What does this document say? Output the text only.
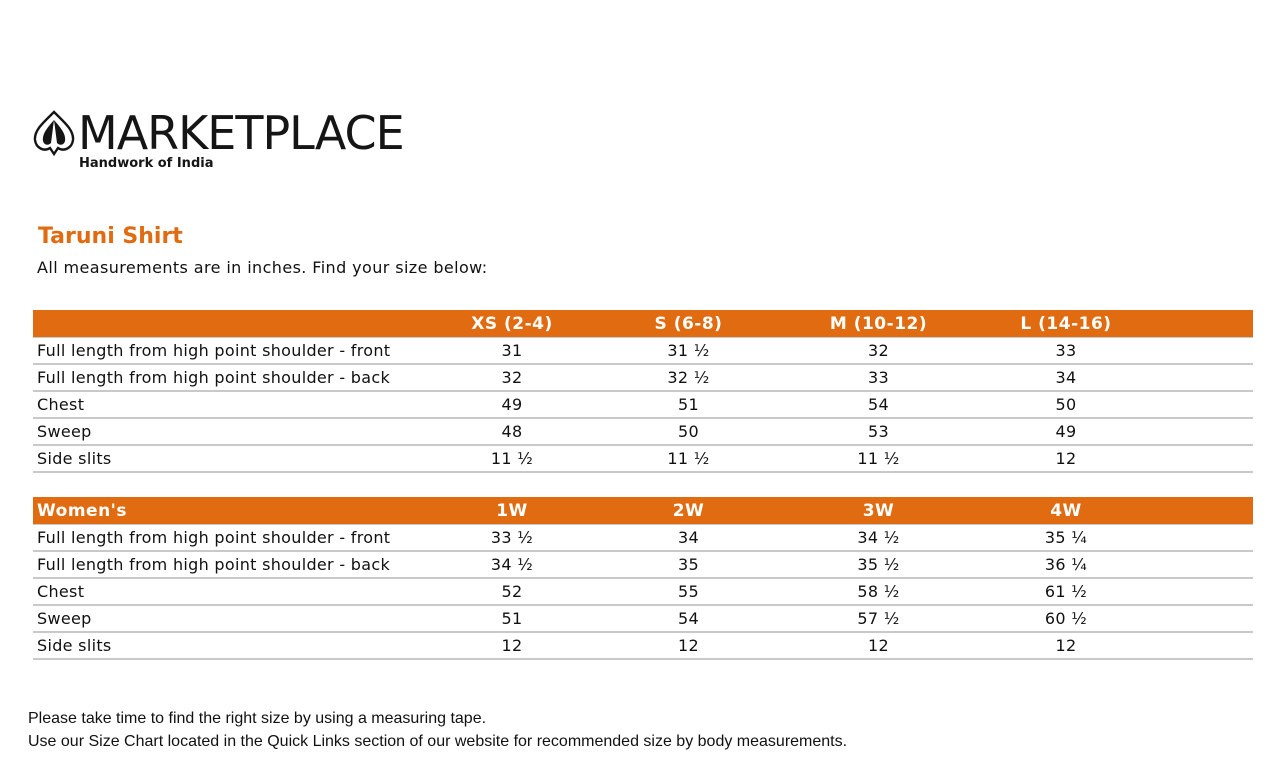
MARKETPLACE
Handwork of India
Taruni Shirt
All measurements are in inches. Find your size below:
	XS (2-4)	S (6-8)	M (10-12)	L (14-16)	
Full length from high point shoulder - front	31	31 ½	32	33	
Full length from high point shoulder - back	32	32 ½	33	34	
Chest	49	51	54	50	
Sweep	48	50	53	49	
Side slits	11 ½	11 ½	11 ½	12	
Women's	1W	2W	3W	4W	
Full length from high point shoulder - front	33 ½	34	34 ½	35 ¼	
Full length from high point shoulder - back	34 ½	35	35 ½	36 ¼	
Chest	52	55	58 ½	61 ½	
Sweep	51	54	57 ½	60 ½	
Side slits	12	12	12	12	
Please take time to find the right size by using a measuring tape.
Use our Size Chart located in the Quick Links section of our website for recommended size by body measurements.
